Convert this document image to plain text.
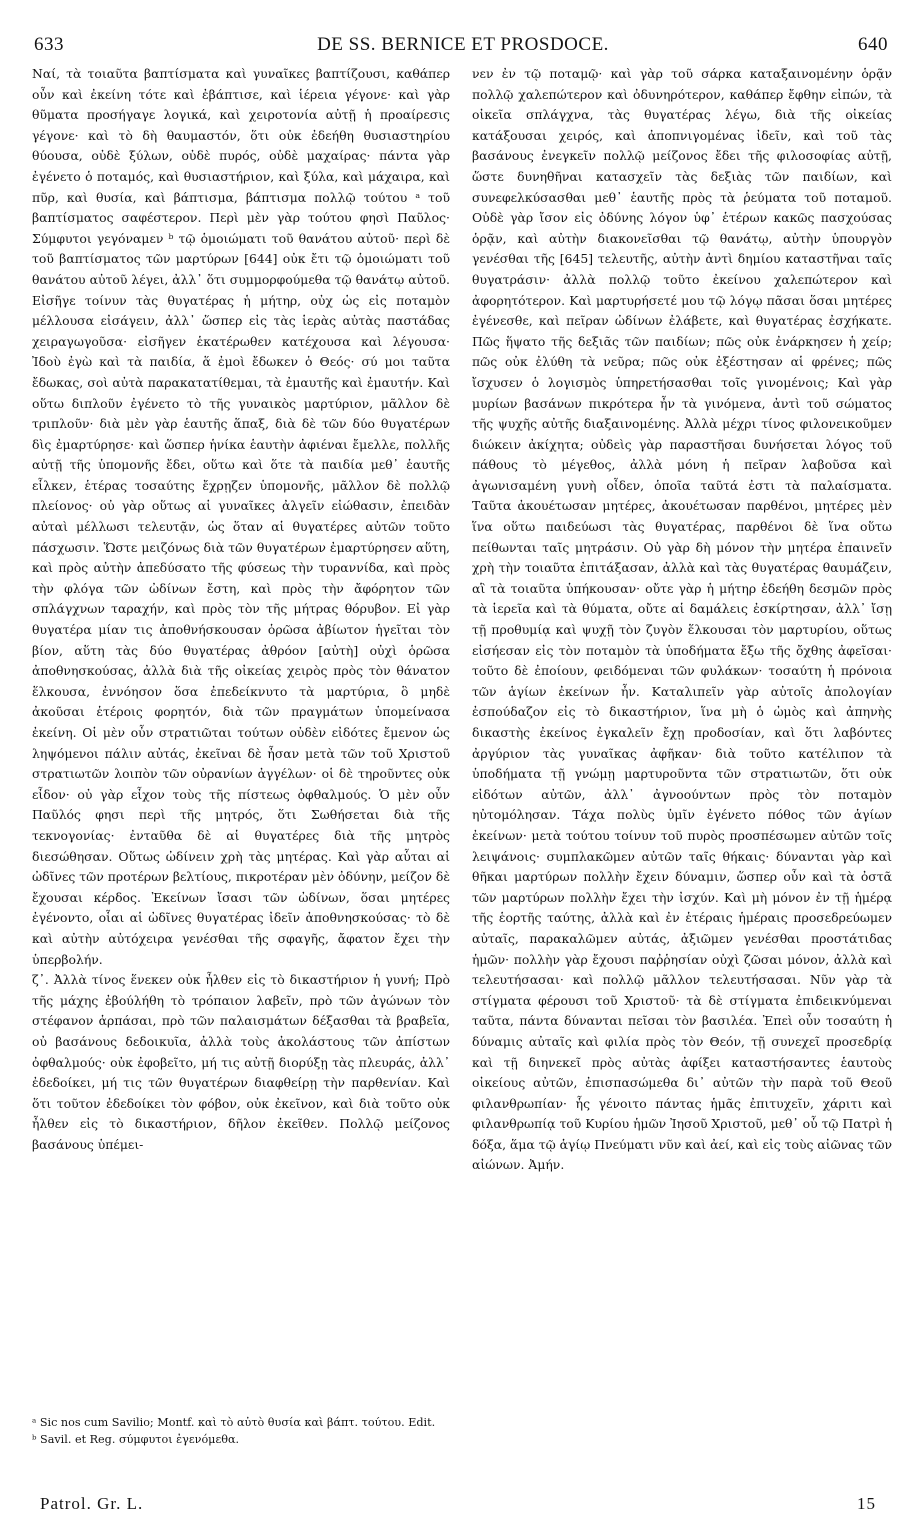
633	DE SS. BERNICE ET PROSDOCE.	640

Ναί, τὰ τοιαῦτα βαπτίσματα καὶ γυναῖκες βαπτίζουσι, καθάπερ οὖν καὶ ἐκείνη τότε καὶ ἐβάπτισε, καὶ ἱέρεια γέγονε· καὶ γὰρ θῦματα προσήγαγε λογικά, καὶ χειροτονία αὐτῇ ἡ προαίρεσις γέγονε· καὶ τὸ δὴ θαυμαστόν, ὅτι οὐκ ἐδεήθη θυσιαστηρίου θύουσα, οὐδὲ ξύλων, οὐδὲ πυρός, οὐδὲ μαχαίρας· πάντα γὰρ ἐγένετο ὁ ποταμός, καὶ θυσιαστήριον, καὶ ξύλα, καὶ μάχαιρα, καὶ πῦρ, καὶ θυσία, καὶ βάπτισμα, βάπτισμα πολλῷ τούτου ᵃ τοῦ βαπτίσματος σαφέστερον. Περὶ μὲν γὰρ τούτου φησὶ Παῦλος· Σύμφυτοι γεγόναμεν ᵇ τῷ ὁμοιώματι τοῦ θανάτου αὐτοῦ· περὶ δὲ τοῦ βαπτίσματος τῶν μαρτύρων [644] οὐκ ἔτι τῷ ὁμοιώματι τοῦ θανάτου αὐτοῦ λέγει, ἀλλ᾽ ὅτι συμμορφούμεθα τῷ θανάτῳ αὐτοῦ. Εἰσῆγε τοίνυν τὰς θυγατέρας ἡ μήτηρ, οὐχ ὡς εἰς ποταμὸν μέλλουσα εἰσάγειν, ἀλλ᾽ ὥσπερ εἰς τὰς ἱερὰς αὐτὰς παστάδας χειραγωγοῦσα· εἰσῆγεν ἑκατέρωθεν κατέχουσα καὶ λέγουσα· Ἰδοὺ ἐγὼ καὶ τὰ παιδία, ἅ ἐμοὶ ἔδωκεν ὁ Θεός· σύ μοι ταῦτα ἔδωκας, σοὶ αὐτὰ παρακατατίθεμαι, τὰ ἐμαυτῆς καὶ ἐμαυτήν. Καὶ οὕτω διπλοῦν ἐγένετο τὸ τῆς γυναικὸς μαρτύριον, μᾶλλον δὲ τριπλοῦν· διὰ μὲν γὰρ ἑαυτῆς ἅπαξ, διὰ δὲ τῶν δύο θυγατέρων δὶς ἐμαρτύρησε· καὶ ὥσπερ ἡνίκα ἑαυτὴν ἀφιέναι ἔμελλε, πολλῆς αὐτῇ τῆς ὑπομονῆς ἔδει, οὕτω καὶ ὅτε τὰ παιδία μεθ᾽ ἑαυτῆς εἷλκεν, ἑτέρας τοσαύτης ἔχρῃζεν ὑπομονῆς, μᾶλλον δὲ πολλῷ πλείονος· οὐ γὰρ οὕτως αἱ γυναῖκες ἀλγεῖν εἰώθασιν, ἐπειδὰν αὐταὶ μέλλωσι τελευτᾷν, ὡς ὅταν αἱ θυγατέρες αὐτῶν τοῦτο πάσχωσιν. Ὥστε μειζόνως διὰ τῶν θυγατέρων ἐμαρτύρησεν αὕτη, καὶ πρὸς αὐτὴν ἀπεδύσατο τῆς φύσεως τὴν τυραννίδα, καὶ πρὸς τὴν φλόγα τῶν ὠδίνων ἔστη, καὶ πρὸς τὴν ἄφόρητον τῶν σπλάγχνων ταραχήν, καὶ πρὸς τὸν τῆς μήτρας θόρυβον. Εἰ γὰρ θυγατέρα μίαν τις ἀποθνήσκουσαν ὁρῶσα ἀβίωτον ἡγεῖται τὸν βίον, αὕτη τὰς δύο θυγατέρας ἀθρόον [αὐτὴ] οὐχὶ ὁρῶσα ἀποθνησκούσας, ἀλλὰ διὰ τῆς οἰκείας χειρὸς πρὸς τὸν θάνατον ἕλκουσα, ἐννόησον ὅσα ἐπεδείκνυτο τὰ μαρτύρια, ὃ μηδὲ ἀκοῦσαι ἑτέροις φορητόν, διὰ τῶν πραγμάτων ὑπομείνασα ἐκείνη. Οἱ μὲν οὖν στρατιῶται τούτων οὐδὲν εἰδότες ἔμενον ὡς ληψόμενοι πάλιν αὐτάς, ἐκεῖναι δὲ ἦσαν μετὰ τῶν τοῦ Χριστοῦ στρατιωτῶν λοιπὸν τῶν οὐρανίων ἀγγέλων· οἱ δὲ τηροῦντες οὐκ εἶδον· οὐ γὰρ εἶχον τοὺς τῆς πίστεως ὀφθαλμούς. Ὁ μὲν οὖν Παῦλός φησι περὶ τῆς μητρός, ὅτι Σωθήσεται διὰ τῆς τεκνογονίας· ἐνταῦθα δὲ αἱ θυγατέρες διὰ τῆς μητρὸς διεσώθησαν. Οὕτως ὠδίνειν χρὴ τὰς μητέρας. Καὶ γὰρ αὗται αἱ ὠδῖνες τῶν προτέρων βελτίους, πικροτέραν μὲν ὀδύνην, μείζον δὲ ἔχουσαι κέρδος. Ἐκείνων ἴσασι τῶν ὠδίνων, ὅσαι μητέρες ἐγένοντο, οἷαι αἱ ὠδῖνες θυγατέρας ἰδεῖν ἀποθνησκούσας· τὸ δὲ καὶ αὐτὴν αὐτόχειρα γενέσθαι τῆς σφαγῆς, ἄφατον ἔχει τὴν ὑπερβολήν.

ζ᾽. Ἀλλὰ τίνος ἕνεκεν οὐκ ἦλθεν εἰς τὸ δικαστήριον ἡ γυνή; Πρὸ τῆς μάχης ἐβούλήθη τὸ τρόπαιον λαβεῖν, πρὸ τῶν ἀγώνων τὸν στέφανον ἁρπάσαι, πρὸ τῶν παλαισμάτων δέξασθαι τὰ βραβεῖα, οὐ βασάνους δεδοικυῖα, ἀλλὰ τοὺς ἀκολάστους τῶν ἀπίστων ὀφθαλμούς· οὐκ ἐφοβεῖτο, μή τις αὐτῇ διορύξῃ τὰς πλευράς, ἀλλ᾽ ἐδεδοίκει, μή τις τῶν θυγατέρων διαφθείρῃ τὴν παρθενίαν. Καὶ ὅτι τοῦτον ἐδεδοίκει τὸν φόβον, οὐκ ἐκεῖνον, καὶ διὰ τοῦτο οὐκ ἦλθεν εἰς τὸ δικαστήριον, δῆλον ἐκεῖθεν. Πολλῷ μείζονος βασάνους ὑπέμει-

νεν ἐν τῷ ποταμῷ· καὶ γὰρ τοῦ σάρκα καταξαινομένην ὁρᾷν πολλῷ χαλεπώτερον καὶ ὀδυνηρότερον, καθάπερ ἔφθην εἰπών, τὰ οἰκεῖα σπλάγχνα, τὰς θυγατέρας λέγω, διὰ τῆς οἰκείας κατάξουσαι χειρός, καὶ ἀποπνιγομένας ἰδεῖν, καὶ τοῦ τὰς βασάνους ἐνεγκεῖν πολλῷ μείζονος ἔδει τῆς φιλοσοφίας αὐτῇ, ὥστε δυνηθῆναι κατασχεῖν τὰς δεξιὰς τῶν παιδίων, καὶ συνεφελκύσασθαι μεθ᾽ ἑαυτῆς πρὸς τὰ ῥεύματα τοῦ ποταμοῦ. Οὐδὲ γὰρ ἴσον εἰς ὀδύνης λόγον ὑφ᾽ ἑτέρων κακῶς πασχούσας ὁρᾷν, καὶ αὐτὴν διακονεῖσθαι τῷ θανάτῳ, αὐτὴν ὑπουργὸν γενέσθαι τῆς [645] τελευτῆς, αὐτὴν ἀντὶ δημίου καταστῆναι ταῖς θυγατράσιν· ἀλλὰ πολλῷ τοῦτο ἐκείνου χαλεπώτερον καὶ ἀφορητότερον. Καὶ μαρτυρήσετέ μου τῷ λόγῳ πᾶσαι ὅσαι μητέρες ἐγένεσθε, καὶ πεῖραν ὠδίνων ἐλάβετε, καὶ θυγατέρας ἐσχήκατε. Πῶς ἥψατο τῆς δεξιᾶς τῶν παιδίων; πῶς οὐκ ἐνάρκησεν ἡ χείρ; πῶς οὐκ ἐλύθη τὰ νεῦρα; πῶς οὐκ ἐξέστησαν αἱ φρένες; πῶς ἴσχυσεν ὁ λογισμὸς ὑπηρετήσασθαι τοῖς γινομένοις; Καὶ γὰρ μυρίων βασάνων πικρότερα ἦν τὰ γινόμενα, ἀντὶ τοῦ σώματος τῆς ψυχῆς αὐτῆς διαξαινομένης. Ἀλλὰ μέχρι τίνος φιλονεικοῦμεν διώκειν ἀκίχητα; οὐδεὶς γὰρ παραστῆσαι δυνήσεται λόγος τοῦ πάθους τὸ μέγεθος, ἀλλὰ μόνη ἡ πεῖραν λαβοῦσα καὶ ἀγωνισαμένη γυνὴ οἶδεν, ὁποῖα ταῦτά ἐστι τὰ παλαίσματα. Ταῦτα ἀκουέτωσαν μητέρες, ἀκουέτωσαν παρθένοι, μητέρες μὲν ἵνα οὕτω παιδεύωσι τὰς θυγατέρας, παρθένοι δὲ ἵνα οὕτω πείθωνται ταῖς μητράσιν. Οὐ γὰρ δὴ μόνον τὴν μητέρα ἐπαινεῖν χρὴ τὴν τοιαῦτα ἐπιτάξασαν, ἀλλὰ καὶ τὰς θυγατέρας θαυμάζειν, αἳ τὰ τοιαῦτα ὑπήκουσαν· οὔτε γὰρ ἡ μήτηρ ἐδεήθη δεσμῶν πρὸς τὰ ἱερεῖα καὶ τὰ θύματα, οὔτε αἱ δαμάλεις ἐσκίρτησαν, ἀλλ᾽ ἴσῃ τῇ προθυμίᾳ καὶ ψυχῇ τὸν ζυγὸν ἕλκουσαι τὸν μαρτυρίου, οὕτως εἰσήεσαν εἰς τὸν ποταμὸν τὰ ὑποδήματα ἔξω τῆς ὄχθης ἀφεῖσαι· τοῦτο δὲ ἐποίουν, φειδόμεναι τῶν φυλάκων· τοσαύτη ἡ πρόνοια τῶν ἁγίων ἐκείνων ἦν. Καταλιπεῖν γὰρ αὐτοῖς ἀπολογίαν ἐσπούδαζον εἰς τὸ δικαστήριον, ἵνα μὴ ὁ ὠμὸς καὶ ἀπηνὴς δικαστὴς ἐκείνος ἐγκαλεῖν ἔχῃ προδοσίαν, καὶ ὅτι λαβόντες ἀργύριον τὰς γυναῖκας ἀφῆκαν· διὰ τοῦτο κατέλιπον τὰ ὑποδήματα τῇ γνώμῃ μαρτυροῦντα τῶν στρατιωτῶν, ὅτι οὐκ εἰδότων αὐτῶν, ἀλλ᾽ ἀγνοούντων πρὸς τὸν ποταμὸν ηὐτομόλησαν. Τάχα πολὺς ὑμῖν ἐγένετο πόθος τῶν ἁγίων ἐκείνων· μετὰ τούτου τοίνυν τοῦ πυρὸς προσπέσωμεν αὐτῶν τοῖς λειψάνοις· συμπλακῶμεν αὐτῶν ταῖς θήκαις· δύνανται γὰρ καὶ θῆκαι μαρτύρων πολλὴν ἔχειν δύναμιν, ὥσπερ οὖν καὶ τὰ ὀστᾶ τῶν μαρτύρων πολλὴν ἔχει τὴν ἰσχύν. Καὶ μὴ μόνον ἐν τῇ ἡμέρᾳ τῆς ἑορτῆς ταύτης, ἀλλὰ καὶ ἐν ἑτέραις ἡμέραις προσεδρεύωμεν αὐταῖς, παρακαλῶμεν αὐτάς, ἀξιῶμεν γενέσθαι προστάτιδας ἡμῶν· πολλὴν γὰρ ἔχουσι παῤῥησίαν οὐχὶ ζῶσαι μόνον, ἀλλὰ καὶ τελευτήσασαι· καὶ πολλῷ μᾶλλον τελευτήσασαι. Νῦν γὰρ τὰ στίγματα φέρουσι τοῦ Χριστοῦ· τὰ δὲ στίγματα ἐπιδεικνύμεναι ταῦτα, πάντα δύνανται πεῖσαι τὸν βασιλέα. Ἐπεὶ οὖν τοσαύτη ἡ δύναμις αὐταῖς καὶ φιλία πρὸς τὸν Θεόν, τῇ συνεχεῖ προσεδρίᾳ καὶ τῇ διηνεκεῖ πρὸς αὐτὰς ἀφίξει καταστήσαντες ἑαυτοὺς οἰκείους αὐτῶν, ἐπισπασώμεθα δι᾽ αὐτῶν τὴν παρὰ τοῦ Θεοῦ φιλανθρωπίαν· ἧς γένοιτο πάντας ἡμᾶς ἐπιτυχεῖν, χάριτι καὶ φιλανθρωπίᾳ τοῦ Κυρίου ἡμῶν Ἰησοῦ Χριστοῦ, μεθ᾽ οὗ τῷ Πατρὶ ἡ δόξα, ἅμα τῷ ἁγίῳ Πνεύματι νῦν καὶ ἀεί, καὶ εἰς τοὺς αἰῶνας τῶν αἰώνων. Ἀμήν.

ᵃ Sic nos cum Savilio; Montf. καὶ τὸ αὐτὸ θυσία καὶ βάπτ. τούτου. Edit.
ᵇ Savil. et Reg. σύμφυτοι ἐγενόμεθα.
Patrol. Gr. L.	15
